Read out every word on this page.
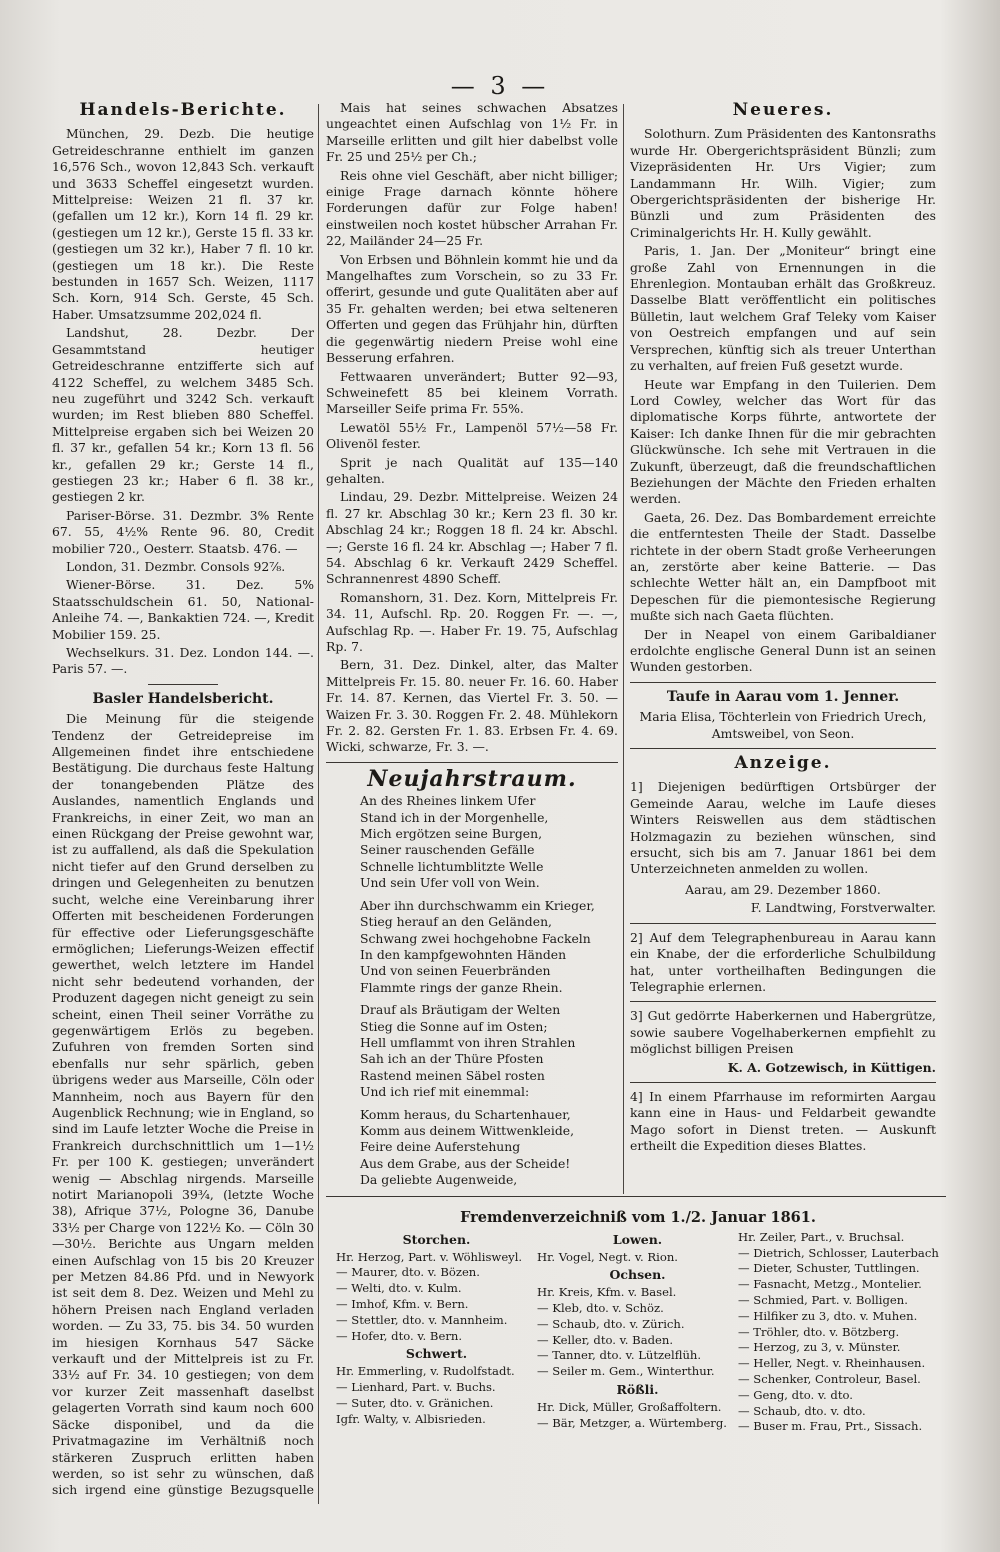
— 3 —
Handels-Berichte.

München, 29. Dezb. Die heutige Getreideschranne enthielt im ganzen 16,576 Sch., wovon 12,843 Sch. verkauft und 3633 Scheffel eingesetzt wurden. Mittelpreise: Weizen 21 fl. 37 kr. (gefallen um 12 kr.), Korn 14 fl. 29 kr. (gestiegen um 12 kr.), Gerste 15 fl. 33 kr. (gestiegen um 32 kr.), Haber 7 fl. 10 kr. (gestiegen um 18 kr.). Die Reste bestunden in 1657 Sch. Weizen, 1117 Sch. Korn, 914 Sch. Gerste, 45 Sch. Haber. Umsatzsumme 202,024 fl.

Landshut, 28. Dezbr. Der Gesammtstand heutiger Getreideschranne entzifferte sich auf 4122 Scheffel, zu welchem 3485 Sch. neu zugeführt und 3242 Sch. verkauft wurden; im Rest blieben 880 Scheffel. Mittelpreise ergaben sich bei Weizen 20 fl. 37 kr., gefallen 54 kr.; Korn 13 fl. 56 kr., gefallen 29 kr.; Gerste 14 fl., gestiegen 23 kr.; Haber 6 fl. 38 kr., gestiegen 2 kr.

Pariser-Börse. 31. Dezmbr. 3% Rente 67. 55, 4½% Rente 96. 80, Credit mobilier 720., Oesterr. Staatsb. 476. —

London, 31. Dezmbr. Consols 92⅞.

Wiener-Börse. 31. Dez. 5% Staatsschuldschein 61. 50, National-Anleihe 74. —, Bankaktien 724. —, Kredit Mobilier 159. 25.

Wechselkurs. 31. Dez. London 144. —. Paris 57. —.

Basler Handelsbericht.

Die Meinung für die steigende Tendenz der Getreidepreise im Allgemeinen findet ihre entschiedene Bestätigung. Die durchaus feste Haltung der tonangebenden Plätze des Auslandes, namentlich Englands und Frankreichs, in einer Zeit, wo man an einen Rückgang der Preise gewohnt war, ist zu auffallend, als daß die Spekulation nicht tiefer auf den Grund derselben zu dringen und Gelegenheiten zu benutzen sucht, welche eine Vereinbarung ihrer Offerten mit bescheidenen Forderungen für effective oder Lieferungsgeschäfte ermöglichen; Lieferungs-Weizen effectif gewerthet, welch letztere im Handel nicht sehr bedeutend vorhanden, der Produzent dagegen nicht geneigt zu sein scheint, einen Theil seiner Vorräthe zu gegenwärtigem Erlös zu begeben. Zufuhren von fremden Sorten sind ebenfalls nur sehr spärlich, geben übrigens weder aus Marseille, Cöln oder Mannheim, noch aus Bayern für den Augenblick Rechnung; wie in England, so sind im Laufe letzter Woche die Preise in Frankreich durchschnittlich um 1—1½ Fr. per 100 K. gestiegen; unverändert wenig — Abschlag nirgends. Marseille notirt Marianopoli 39¾, (letzte Woche 38), Afrique 37½, Pologne 36, Danube 33½ per Charge von 122½ Ko. — Cöln 30—30½. Berichte aus Ungarn melden einen Aufschlag von 15 bis 20 Kreuzer per Metzen 84.86 Pfd. und in Newyork ist seit dem 8. Dez. Weizen und Mehl zu höhern Preisen nach England verladen worden. — Zu 33, 75. bis 34. 50 wurden im hiesigen Kornhaus 547 Säcke verkauft und der Mittelpreis ist zu Fr. 33½ auf Fr. 34. 10 gestiegen; von dem vor kurzer Zeit massenhaft daselbst gelagerten Vorrath sind kaum noch 600 Säcke disponibel, und da die Privatmagazine im Verhältniß noch stärkeren Zuspruch erlitten haben werden, so ist sehr zu wünschen, daß sich irgend eine günstige Bezugsquelle

Mais hat seines schwachen Absatzes ungeachtet einen Aufschlag von 1½ Fr. in Marseille erlitten und gilt hier dabelbst volle Fr. 25 und 25½ per Ch.;

Reis ohne viel Geschäft, aber nicht billiger; einige Frage darnach könnte höhere Forderungen dafür zur Folge haben! einstweilen noch kostet hübscher Arrahan Fr. 22, Mailänder 24—25 Fr.

Von Erbsen und Böhnlein kommt hie und da Mangelhaftes zum Vorschein, so zu 33 Fr. offerirt, gesunde und gute Qualitäten aber auf 35 Fr. gehalten werden; bei etwa selteneren Offerten und gegen das Frühjahr hin, dürften die gegenwärtig niedern Preise wohl eine Besserung erfahren.

Fettwaaren unverändert; Butter 92—93, Schweinefett 85 bei kleinem Vorrath. Marseiller Seife prima Fr. 55%.

Lewatöl 55½ Fr., Lampenöl 57½—58 Fr. Olivenöl fester.

Sprit je nach Qualität auf 135—140 gehalten.

Lindau, 29. Dezbr. Mittelpreise. Weizen 24 fl. 27 kr. Abschlag 30 kr.; Kern 23 fl. 30 kr. Abschlag 24 kr.; Roggen 18 fl. 24 kr. Abschl. —; Gerste 16 fl. 24 kr. Abschlag —; Haber 7 fl. 54. Abschlag 6 kr. Verkauft 2429 Scheffel. Schrannenrest 4890 Scheff.

Romanshorn, 31. Dez. Korn, Mittelpreis Fr. 34. 11, Aufschl. Rp. 20. Roggen Fr. —. —, Aufschlag Rp. —. Haber Fr. 19. 75, Aufschlag Rp. 7.

Bern, 31. Dez. Dinkel, alter, das Malter Mittelpreis Fr. 15. 80. neuer Fr. 16. 60. Haber Fr. 14. 87. Kernen, das Viertel Fr. 3. 50. — Waizen Fr. 3. 30. Roggen Fr. 2. 48. Mühlekorn Fr. 2. 82. Gersten Fr. 1. 83. Erbsen Fr. 4. 69. Wicki, schwarze, Fr. 3. —.

Neujahrstraum.

An des Rheines linkem Ufer

Stand ich in der Morgenhelle,

Mich ergötzen seine Burgen,

Seiner rauschenden Gefälle

Schnelle lichtumblitzte Welle

Und sein Ufer voll von Wein.

Aber ihn durchschwamm ein Krieger,

Stieg herauf an den Geländen,

Schwang zwei hochgehobne Fackeln

In den kampfgewohnten Händen

Und von seinen Feuerbränden

Flammte rings der ganze Rhein.

Drauf als Bräutigam der Welten

Stieg die Sonne auf im Osten;

Hell umflammt von ihren Strahlen

Sah ich an der Thüre Pfosten

Rastend meinen Säbel rosten

Und ich rief mit einemmal:

Komm heraus, du Schartenhauer,

Komm aus deinem Wittwenkleide,

Feire deine Auferstehung

Aus dem Grabe, aus der Scheide!

Da geliebte Augenweide,

Neueres.

Solothurn. Zum Präsidenten des Kantonsraths wurde Hr. Obergerichtspräsident Bünzli; zum Vizepräsidenten Hr. Urs Vigier; zum Landammann Hr. Wilh. Vigier; zum Obergerichtspräsidenten der bisherige Hr. Bünzli und zum Präsidenten des Criminalgerichts Hr. H. Kully gewählt.

Paris, 1. Jan. Der „Moniteur“ bringt eine große Zahl von Ernennungen in die Ehrenlegion. Montauban erhält das Großkreuz. Dasselbe Blatt veröffentlicht ein politisches Bülletin, laut welchem Graf Teleky vom Kaiser von Oestreich empfangen und auf sein Versprechen, künftig sich als treuer Unterthan zu verhalten, auf freien Fuß gesetzt wurde.

Heute war Empfang in den Tuilerien. Dem Lord Cowley, welcher das Wort für das diplomatische Korps führte, antwortete der Kaiser: Ich danke Ihnen für die mir gebrachten Glückwünsche. Ich sehe mit Vertrauen in die Zukunft, überzeugt, daß die freundschaftlichen Beziehungen der Mächte den Frieden erhalten werden.

Gaeta, 26. Dez. Das Bombardement erreichte die entferntesten Theile der Stadt. Dasselbe richtete in der obern Stadt große Verheerungen an, zerstörte aber keine Batterie. — Das schlechte Wetter hält an, ein Dampfboot mit Depeschen für die piemontesische Regierung mußte sich nach Gaeta flüchten.

Der in Neapel von einem Garibaldianer erdolchte englische General Dunn ist an seinen Wunden gestorben.

Taufe in Aarau vom 1. Jenner.

Maria Elisa, Töchterlein von Friedrich Urech, Amtsweibel, von Seon.

Anzeige.

1] Diejenigen bedürftigen Ortsbürger der Gemeinde Aarau, welche im Laufe dieses Winters Reiswellen aus dem städtischen Holzmagazin zu beziehen wünschen, sind ersucht, sich bis am 7. Januar 1861 bei dem Unterzeichneten anmelden zu wollen.

Aarau, am 29. Dezember 1860.

F. Landtwing, Forstverwalter.

2] Auf dem Telegraphenbureau in Aarau kann ein Knabe, der die erforderliche Schulbildung hat, unter vortheilhaften Bedingungen die Telegraphie erlernen.

3] Gut gedörrte Haberkernen und Habergrütze, sowie saubere Vogelhaberkernen empfiehlt zu möglichst billigen Preisen

K. A. Gotzewisch, in Küttigen.

4] In einem Pfarrhause im reformirten Aargau kann eine in Haus- und Feldarbeit gewandte Mago sofort in Dienst treten. — Auskunft ertheilt die Expedition dieses Blattes.

Fremdenverzeichniß vom 1./2. Januar 1861.
Storchen.
Hr. Herzog, Part. v. Wöhlisweyl.
— Maurer, dto. v. Bözen.
— Welti, dto. v. Kulm.
— Imhof, Kfm. v. Bern.
— Stettler, dto. v. Mannheim.
— Hofer, dto. v. Bern.
Schwert.
Hr. Emmerling, v. Rudolfstadt.
— Lienhard, Part. v. Buchs.
— Suter, dto. v. Gränichen.
Igfr. Walty, v. Albisrieden.
Lowen.
Hr. Vogel, Negt. v. Rion.
Ochsen.
Hr. Kreis, Kfm. v. Basel.
— Kleb, dto. v. Schöz.
— Schaub, dto. v. Zürich.
— Keller, dto. v. Baden.
— Tanner, dto. v. Lützelflüh.
— Seiler m. Gem., Winterthur.
Rößli.
Hr. Dick, Müller, Großaffoltern.
— Bär, Metzger, a. Würtemberg.
Hr. Zeiler, Part., v. Bruchsal.
— Dietrich, Schlosser, Lauterbach
— Dieter, Schuster, Tuttlingen.
— Fasnacht, Metzg., Montelier.
— Schmied, Part. v. Bolligen.
— Hilfiker zu 3, dto. v. Muhen.
— Tröhler, dto. v. Bötzberg.
— Herzog, zu 3, v. Münster.
— Heller, Negt. v. Rheinhausen.
— Schenker, Controleur, Basel.
— Geng, dto. v. dto.
— Schaub, dto. v. dto.
— Buser m. Frau, Prt., Sissach.
